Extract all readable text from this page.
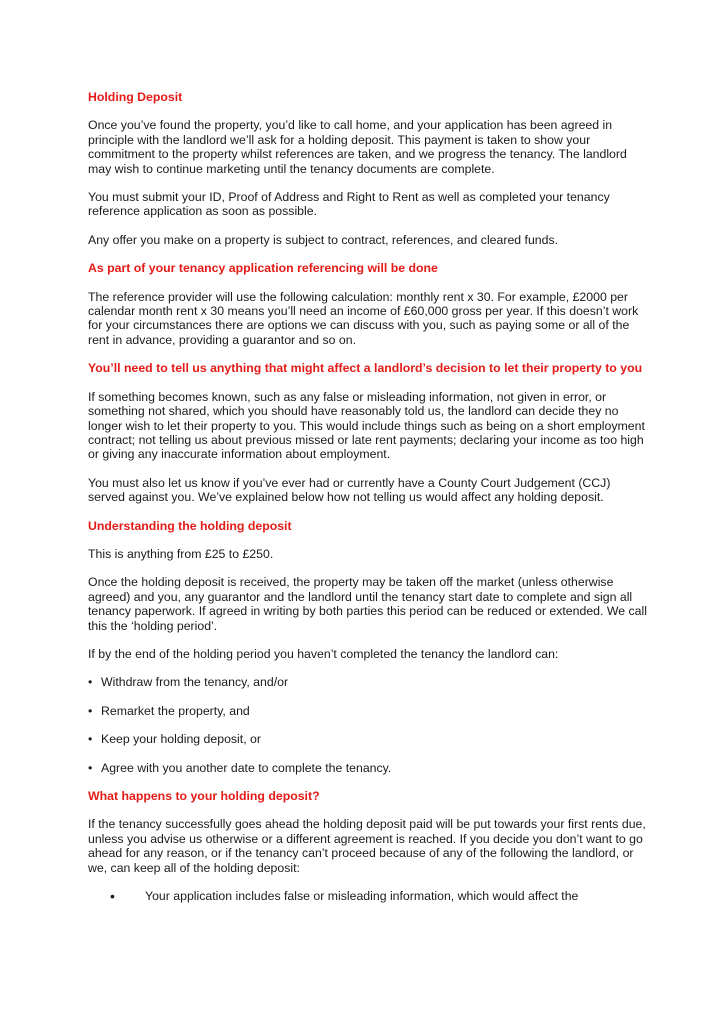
Holding Deposit
Once you’ve found the property, you’d like to call home, and your application has been agreed in principle with the landlord we’ll ask for a holding deposit. This payment is taken to show your commitment to the property whilst references are taken, and we progress the tenancy. The landlord may wish to continue marketing until the tenancy documents are complete.
You must submit your ID, Proof of Address and Right to Rent as well as completed your tenancy reference application as soon as possible.
Any offer you make on a property is subject to contract, references, and cleared funds.
As part of your tenancy application referencing will be done
The reference provider will use the following calculation: monthly rent x 30. For example, £2000 per calendar month rent x 30 means you’ll need an income of £60,000 gross per year. If this doesn’t work for your circumstances there are options we can discuss with you, such as paying some or all of the rent in advance, providing a guarantor and so on.
You’ll need to tell us anything that might affect a landlord’s decision to let their property to you
If something becomes known, such as any false or misleading information, not given in error, or something not shared, which you should have reasonably told us, the landlord can decide they no longer wish to let their property to you. This would include things such as being on a short employment contract; not telling us about previous missed or late rent payments; declaring your income as too high or giving any inaccurate information about employment.
You must also let us know if you’ve ever had or currently have a County Court Judgement (CCJ) served against you. We’ve explained below how not telling us would affect any holding deposit.
Understanding the holding deposit
This is anything from £25 to £250.
Once the holding deposit is received, the property may be taken off the market (unless otherwise agreed) and you, any guarantor and the landlord until the tenancy start date to complete and sign all tenancy paperwork. If agreed in writing by both parties this period can be reduced or extended. We call this the ‘holding period’.
If by the end of the holding period you haven’t completed the tenancy the landlord can:
• Withdraw from the tenancy, and/or
• Remarket the property, and
• Keep your holding deposit, or
• Agree with you another date to complete the tenancy.
What happens to your holding deposit?
If the tenancy successfully goes ahead the holding deposit paid will be put towards your first rents due, unless you advise us otherwise or a different agreement is reached. If you decide you don’t want to go ahead for any reason, or if the tenancy can’t proceed because of any of the following the landlord, or we, can keep all of the holding deposit:
• Your application includes false or misleading information, which would affect the
